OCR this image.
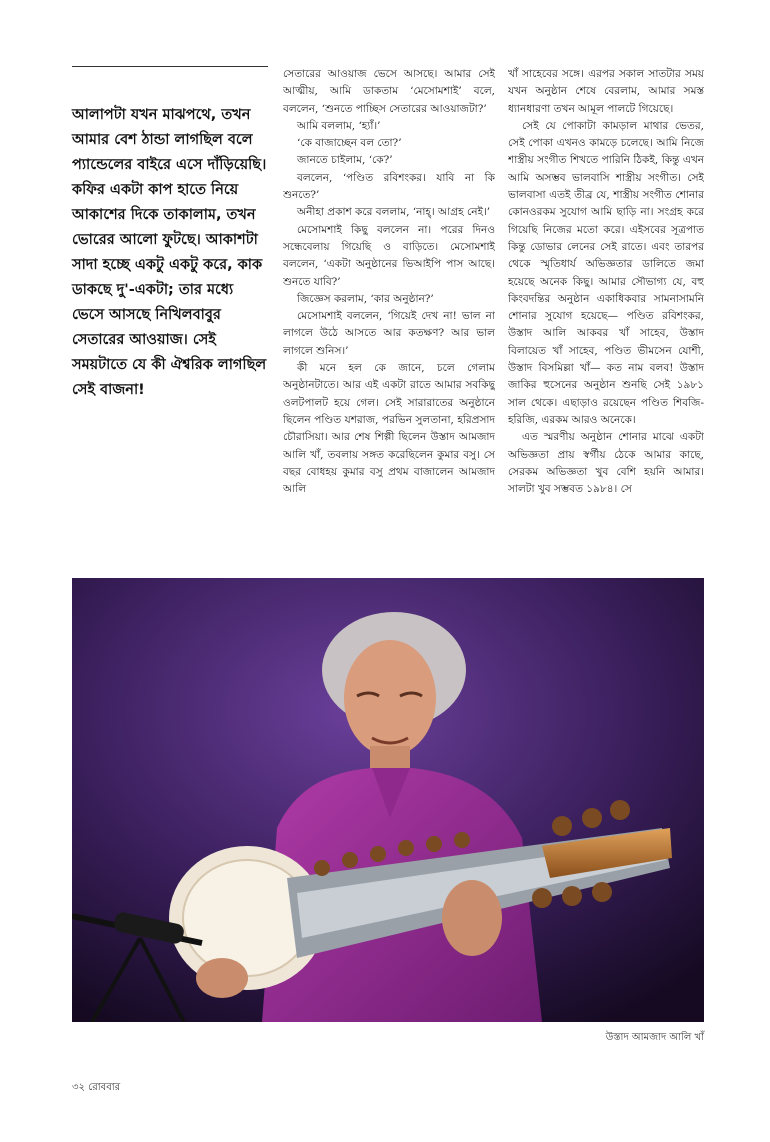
আলাপটা যখন মাঝপথে, তখন আমার বেশ ঠান্ডা লাগছিল বলে প্যান্ডেলের বাইরে এসে দাঁড়িয়েছি। কফির একটা কাপ হাতে নিয়ে আকাশের দিকে তাকালাম, তখন ভোরের আলো ফুটছে। আকাশটা সাদা হচ্ছে একটু একটু করে, কাক ডাকছে দু'-একটা; তার মধ্যে ভেসে আসছে নিখিলবাবুর সেতারের আওয়াজ। সেই সময়টাতে যে কী ঐশ্বরিক লাগছিল সেই বাজনা!

সেতারের আওয়াজ ভেসে আসছে। আমার সেই আত্মীয়, আমি ডাকতাম ‘মেসোমশাই’ বলে, বললেন, ‘শুনতে পাচ্ছিস সেতারের আওয়াজটা?’

আমি বললাম, ‘হ্যাঁ।’

‘কে বাজাচ্ছেন বল তো?’

জানতে চাইলাম, ‘কে?’

বললেন, ‘পণ্ডিত রবিশংকর। যাবি না কি শুনতে?’

অনীহা প্রকাশ করে বললাম, ‘নাহ্। আগ্রহ নেই।’

মেসোমশাই কিছু বললেন না। পরের দিনও সন্ধেবেলায় গিয়েছি ও বাড়িতে। মেসোমশাই বললেন, ‘একটা অনুষ্ঠানের ভিআইপি পাস আছে। শুনতে যাবি?’

জিজ্ঞেস করলাম, ‘কার অনুষ্ঠান?’

মেসোমশাই বললেন, ‘গিয়েই দেখ না! ভাল না লাগলে উঠে আসতে আর কতক্ষণ? আর ভাল লাগলে শুনিস।’

কী মনে হল কে জানে, চলে গেলাম অনুষ্ঠানটাতে। আর এই একটা রাতে আমার সবকিছু ওলটপালট হয়ে গেল। সেই সারারাতের অনুষ্ঠানে ছিলেন পণ্ডিত যশরাজ, পরভিন সুলতানা, হরিপ্রসাদ চৌরাসিয়া। আর শেষ শিল্পী ছিলেন উস্তাদ আমজাদ আলি খাঁ, তবলায় সঙ্গত করেছিলেন কুমার বসু। সে বছর বোধহয় কুমার বসু প্রথম বাজালেন আমজাদ আলি

খাঁ সাহেবের সঙ্গে। এরপর সকাল সাতটার সময় যখন অনুষ্ঠান শেষে বেরলাম, আমার সমস্ত ধ্যানধারণা তখন আমূল পালটে গিয়েছে।

সেই যে পোকাটা কামড়াল মাথার ভেতর, সেই পোকা এখনও কামড়ে চলেছে। আমি নিজে শাস্ত্রীয় সংগীত শিখতে পারিনি ঠিকই, কিন্তু এখন আমি অসম্ভব ভালবাসি শাস্ত্রীয় সংগীত। সেই ভালবাসা এতই তীব্র যে, শাস্ত্রীয় সংগীত শোনার কোনওরকম সুযোগ আমি ছাড়ি না। সংগ্রহ করে গিয়েছি নিজের মতো করে। এইসবের সূত্রপাত কিন্তু ডোভার লেনের সেই রাতে। এবং তারপর থেকে স্মৃতিধার্য অভিজ্ঞতার ডালিতে জমা হয়েছে অনেক কিছু। আমার সৌভাগ্য যে, বহু কিংবদন্তির অনুষ্ঠান একাধিকবার সামনাসামনি শোনার সুযোগ হয়েছে— পণ্ডিত রবিশংকর, উস্তাদ আলি আকবর খাঁ সাহেব, উস্তাদ বিলায়েত খাঁ সাহেব, পণ্ডিত ভীমসেন যোশী, উস্তাদ বিসমিল্লা খাঁ— কত নাম বলব! উস্তাদ জাকির হুসেনের অনুষ্ঠান শুনছি সেই ১৯৮১ সাল থেকে। এছাড়াও রয়েছেন পণ্ডিত শিবজি-হরিজি, এরকম আরও অনেকে।

এত স্মরণীয় অনুষ্ঠান শোনার মাঝে একটা অভিজ্ঞতা প্রায় স্বর্গীয় ঠেকে আমার কাছে, সেরকম অভিজ্ঞতা খুব বেশি হয়নি আমার। সালটা খুব সম্ভবত ১৯৮৪। সে

উস্তাদ আমজাদ আলি খাঁ
৩২ রোববার
